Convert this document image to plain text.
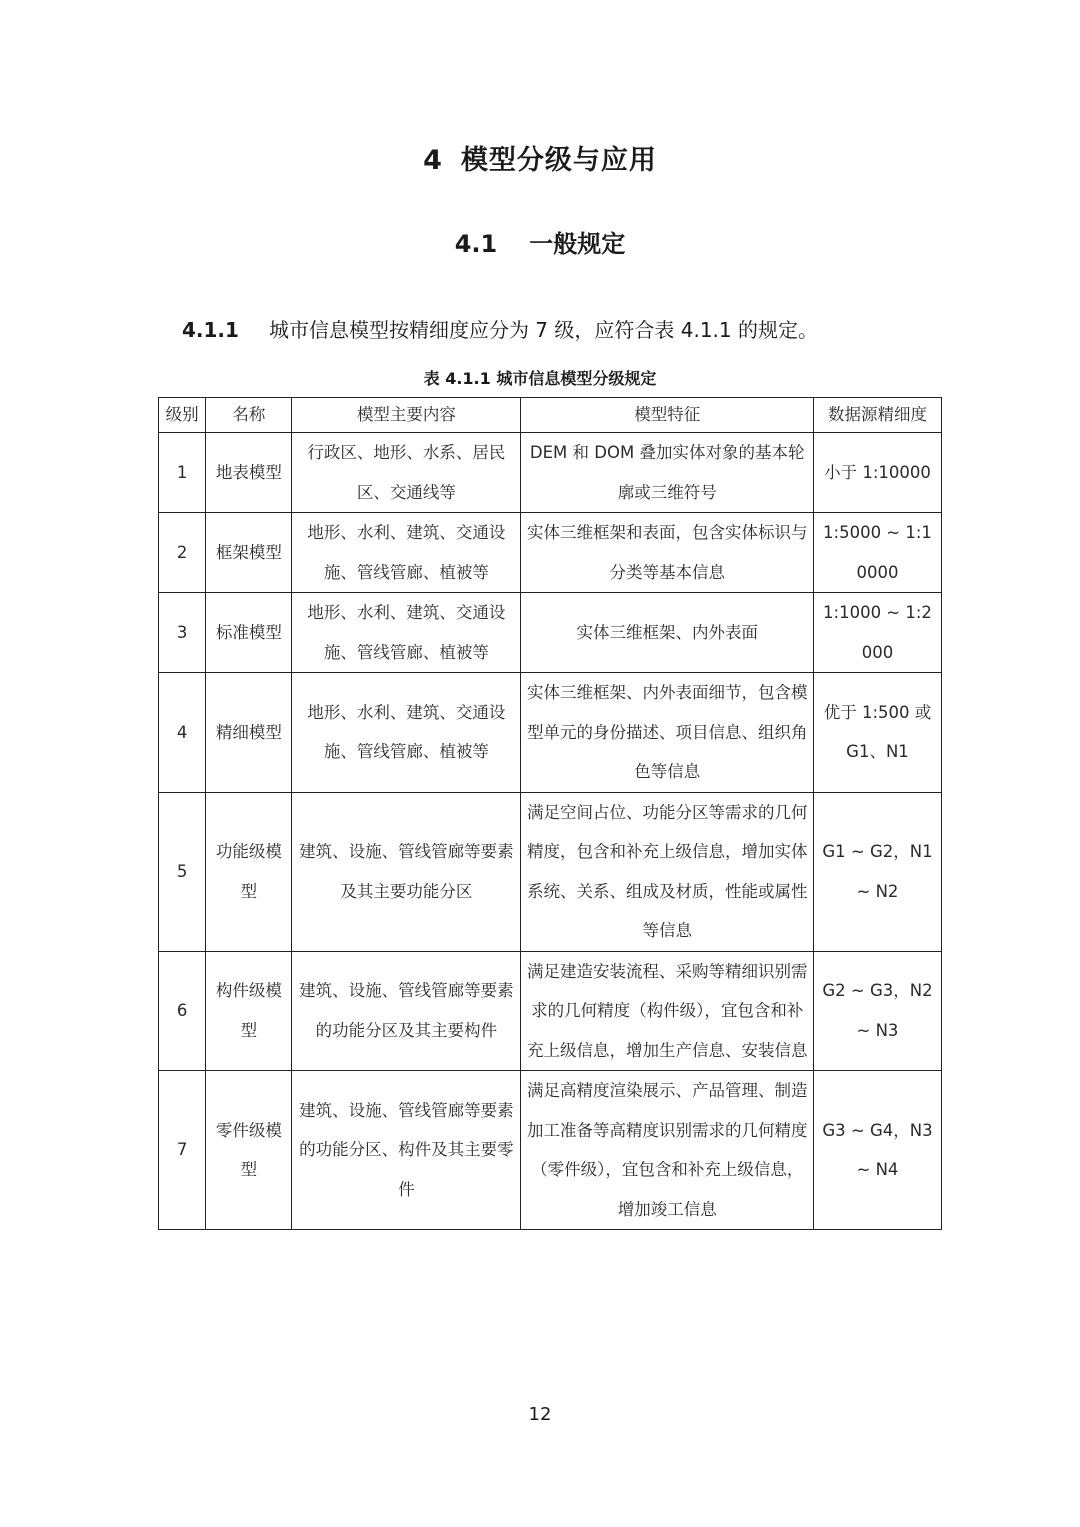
4 模型分级与应用
4.1 一般规定
4.1.1 城市信息模型按精细度应分为 7 级，应符合表 4.1.1 的规定。
表 4.1.1 城市信息模型分级规定
级别	名称	模型主要内容	模型特征	数据源精细度
1	地表模型	行政区、地形、水系、居民区、交通线等	DEM 和 DOM 叠加实体对象的基本轮廓或三维符号	小于 1:10000
2	框架模型	地形、水利、建筑、交通设施、管线管廊、植被等	实体三维框架和表面，包含实体标识与分类等基本信息	1:5000 ~ 1:10000
3	标准模型	地形、水利、建筑、交通设施、管线管廊、植被等	实体三维框架、内外表面	1:1000 ~ 1:2000
4	精细模型	地形、水利、建筑、交通设施、管线管廊、植被等	实体三维框架、内外表面细节，包含模型单元的身份描述、项目信息、组织角色等信息	优于 1:500 或 G1、N1
5	功能级模型	建筑、设施、管线管廊等要素及其主要功能分区	满足空间占位、功能分区等需求的几何精度，包含和补充上级信息，增加实体系统、关系、组成及材质，性能或属性等信息	G1 ~ G2，N1 ~ N2
6	构件级模型	建筑、设施、管线管廊等要素的功能分区及其主要构件	满足建造安装流程、采购等精细识别需求的几何精度（构件级），宜包含和补充上级信息，增加生产信息、安装信息	G2 ~ G3，N2 ~ N3
7	零件级模型	建筑、设施、管线管廊等要素的功能分区、构件及其主要零件	满足高精度渲染展示、产品管理、制造加工准备等高精度识别需求的几何精度（零件级），宜包含和补充上级信息，增加竣工信息	G3 ~ G4，N3 ~ N4
12
